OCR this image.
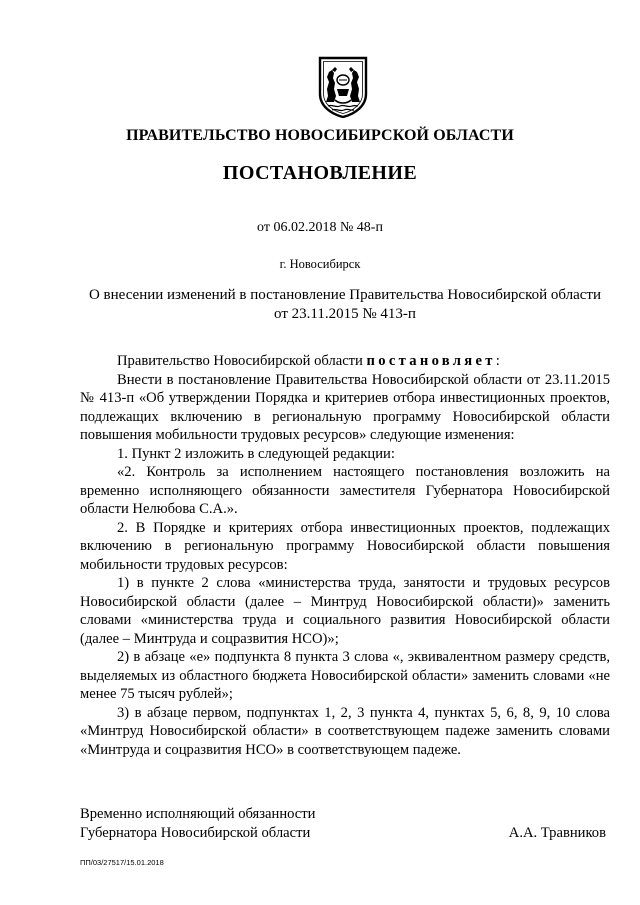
ПРАВИТЕЛЬСТВО НОВОСИБИРСКОЙ ОБЛАСТИ
ПОСТАНОВЛЕНИЕ
от 06.02.2018 № 48-п
г. Новосибирск
О внесении изменений в постановление Правительства Новосибирской области
от 23.11.2015 № 413-п

Правительство Новосибирской области постановляет:

Внести в постановление Правительства Новосибирской области от 23.11.2015 № 413-п «Об утверждении Порядка и критериев отбора инвестиционных проектов, подлежащих включению в региональную программу Новосибирской области повышения мобильности трудовых ресурсов» следующие изменения:

1. Пункт 2 изложить в следующей редакции:

«2. Контроль за исполнением настоящего постановления возложить на временно исполняющего обязанности заместителя Губернатора Новосибирской области Нелюбова С.А.».

2. В Порядке и критериях отбора инвестиционных проектов, подлежащих включению в региональную программу Новосибирской области повышения мобильности трудовых ресурсов:

1) в пункте 2 слова «министерства труда, занятости и трудовых ресурсов Новосибирской области (далее – Минтруд Новосибирской области)» заменить словами «министерства труда и социального развития Новосибирской области (далее – Минтруда и соцразвития НСО)»;

2) в абзаце «е» подпункта 8 пункта 3 слова «, эквивалентном размеру средств, выделяемых из областного бюджета Новосибирской области» заменить словами «не менее 75 тысяч рублей»;

3) в абзаце первом, подпунктах 1, 2, 3 пункта 4, пунктах 5, 6, 8, 9, 10 слова «Минтруд Новосибирской области» в соответствующем падеже заменить словами «Минтруда и соцразвития НСО» в соответствующем падеже.

Временно исполняющий обязанности
Губернатора Новосибирской области	А.А. Травников
ПП/03/27517/15.01.2018
